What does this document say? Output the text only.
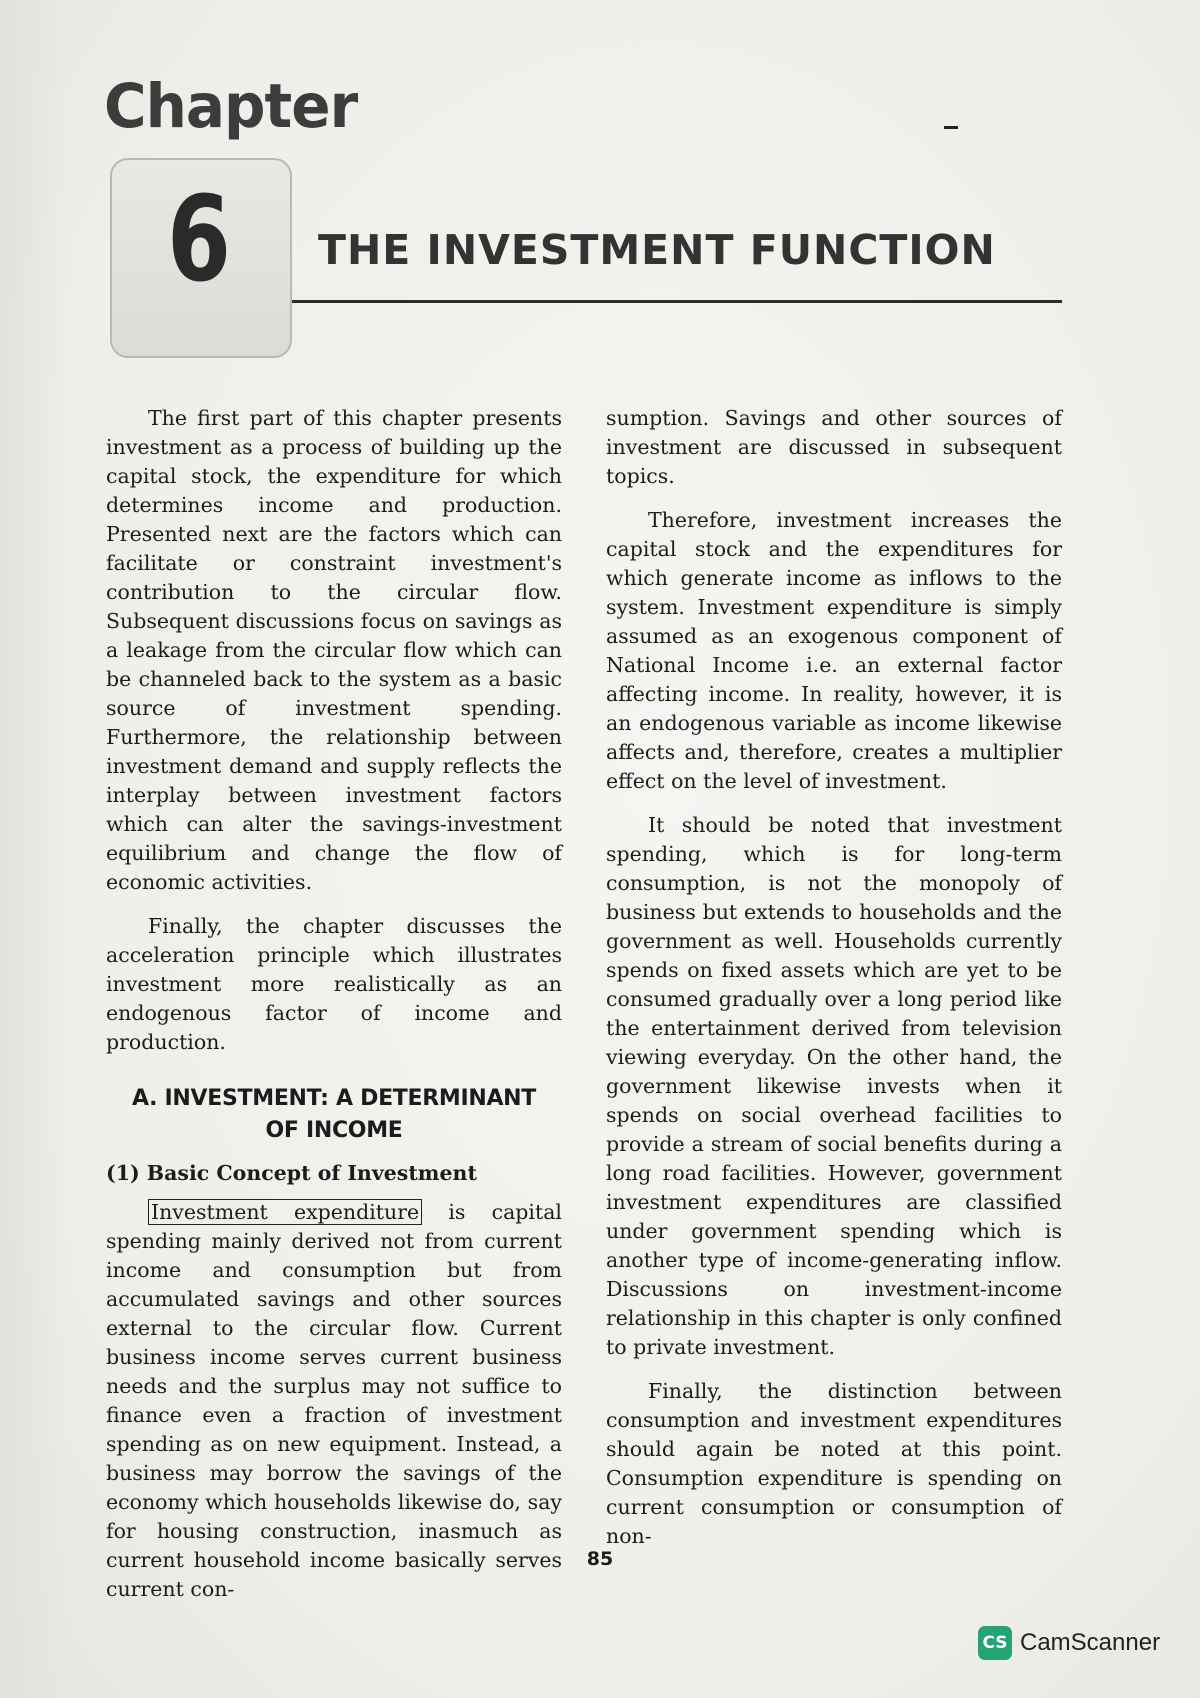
Chapter
6	THE INVESTMENT FUNCTION

The first part of this chapter presents investment as a process of building up the capital stock, the expenditure for which determines income and production. Presented next are the factors which can facilitate or constraint investment's contribution to the circular flow. Subsequent discussions focus on savings as a leakage from the circular flow which can be channeled back to the system as a basic source of investment spending. Furthermore, the relationship between investment demand and supply reflects the interplay between investment factors which can alter the savings-investment equilibrium and change the flow of economic activities.

Finally, the chapter discusses the acceleration principle which illustrates investment more realistically as an endogenous factor of income and production.

A. INVESTMENT: A DETERMINANT
OF INCOME
(1) Basic Concept of Investment

Investment expenditure is capital spending mainly derived not from current income and consumption but from accumulated savings and other sources external to the circular flow. Current business income serves current business needs and the surplus may not suffice to finance even a fraction of investment spending as on new equipment. Instead, a business may borrow the savings of the economy which households likewise do, say for housing construction, inasmuch as current household income basically serves current con-

sumption. Savings and other sources of investment are discussed in subsequent topics.

Therefore, investment increases the capital stock and the expenditures for which generate income as inflows to the system. Investment expenditure is simply assumed as an exogenous component of National Income i.e. an external factor affecting income. In reality, however, it is an endogenous variable as income likewise affects and, therefore, creates a multiplier effect on the level of investment.

It should be noted that investment spending, which is for long-term consumption, is not the monopoly of business but extends to households and the government as well. Households currently spends on fixed assets which are yet to be consumed gradually over a long period like the entertainment derived from television viewing everyday. On the other hand, the government likewise invests when it spends on social overhead facilities to provide a stream of social benefits during a long road facilities. However, government investment expenditures are classified under government spending which is another type of income-generating inflow. Discussions on investment-income relationship in this chapter is only confined to private investment.

Finally, the distinction between consumption and investment expenditures should again be noted at this point. Consumption expenditure is spending on current consumption or consumption of non-

85
CS CamScanner
